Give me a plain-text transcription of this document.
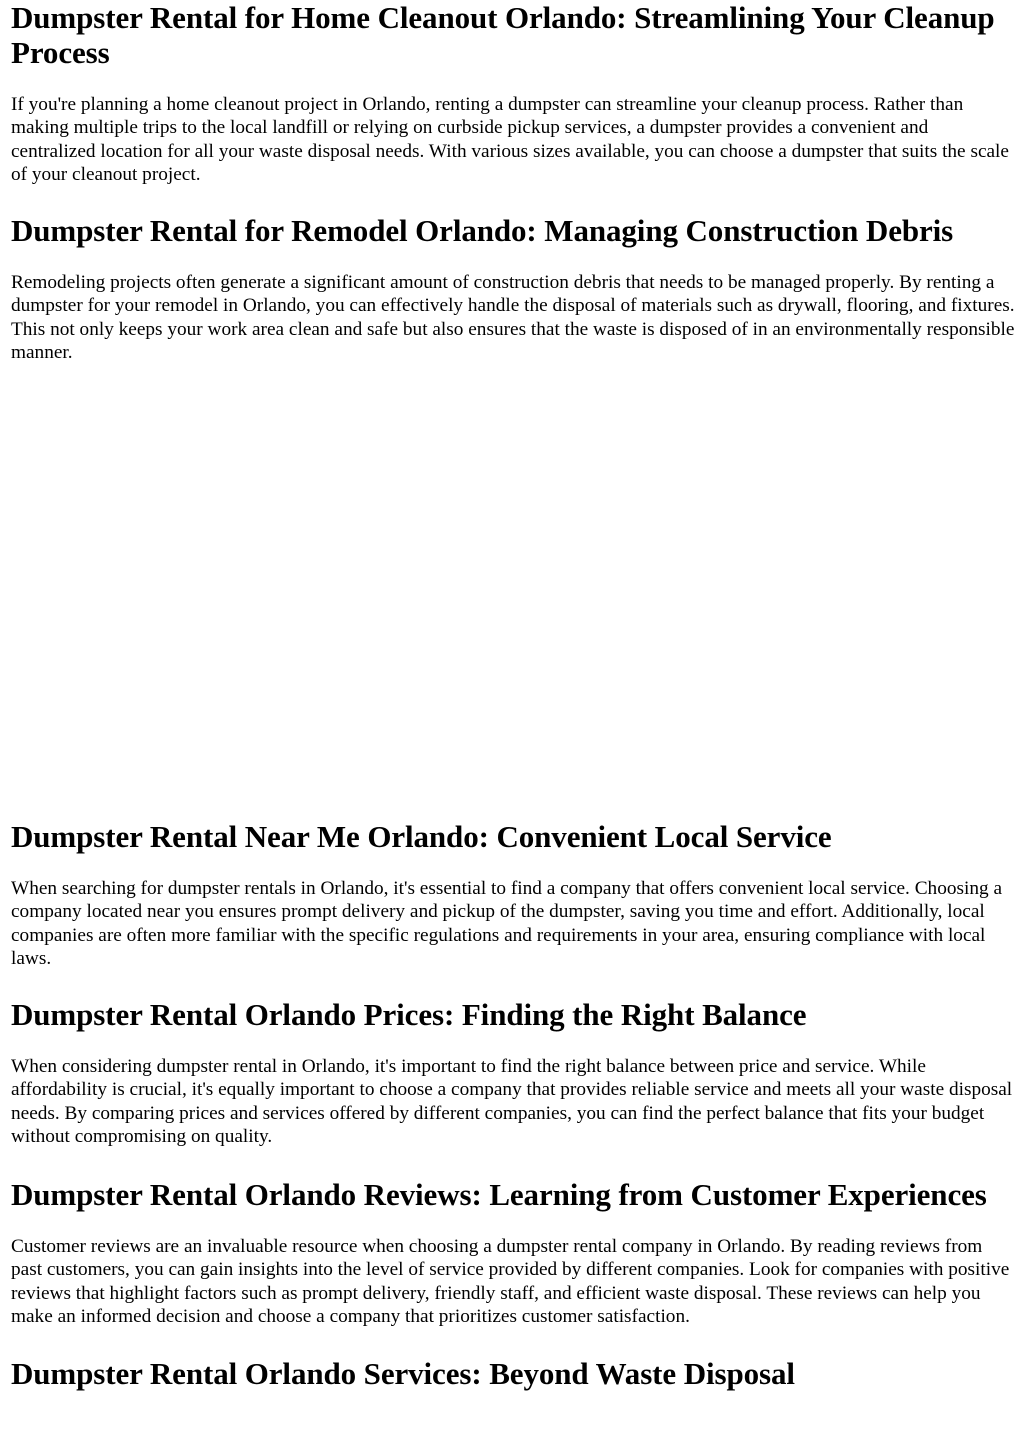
Dumpster Rental for Home Cleanout Orlando: Streamlining Your Cleanup Process

If you're planning a home cleanout project in Orlando, renting a dumpster can streamline your cleanup process. Rather than making multiple trips to the local landfill or relying on curbside pickup services, a dumpster provides a convenient and centralized location for all your waste disposal needs. With various sizes available, you can choose a dumpster that suits the scale of your cleanout project.

Dumpster Rental for Remodel Orlando: Managing Construction Debris

Remodeling projects often generate a significant amount of construction debris that needs to be managed properly. By renting a dumpster for your remodel in Orlando, you can effectively handle the disposal of materials such as drywall, flooring, and fixtures. This not only keeps your work area clean and safe but also ensures that the waste is disposed of in an environmentally responsible manner.

Dumpster Rental Near Me Orlando: Convenient Local Service

When searching for dumpster rentals in Orlando, it's essential to find a company that offers convenient local service. Choosing a company located near you ensures prompt delivery and pickup of the dumpster, saving you time and effort. Additionally, local companies are often more familiar with the specific regulations and requirements in your area, ensuring compliance with local laws.

Dumpster Rental Orlando Prices: Finding the Right Balance

When considering dumpster rental in Orlando, it's important to find the right balance between price and service. While affordability is crucial, it's equally important to choose a company that provides reliable service and meets all your waste disposal needs. By comparing prices and services offered by different companies, you can find the perfect balance that fits your budget without compromising on quality.

Dumpster Rental Orlando Reviews: Learning from Customer Experiences

Customer reviews are an invaluable resource when choosing a dumpster rental company in Orlando. By reading reviews from past customers, you can gain insights into the level of service provided by different companies. Look for companies with positive reviews that highlight factors such as prompt delivery, friendly staff, and efficient waste disposal. These reviews can help you make an informed decision and choose a company that prioritizes customer satisfaction.

Dumpster Rental Orlando Services: Beyond Waste Disposal
